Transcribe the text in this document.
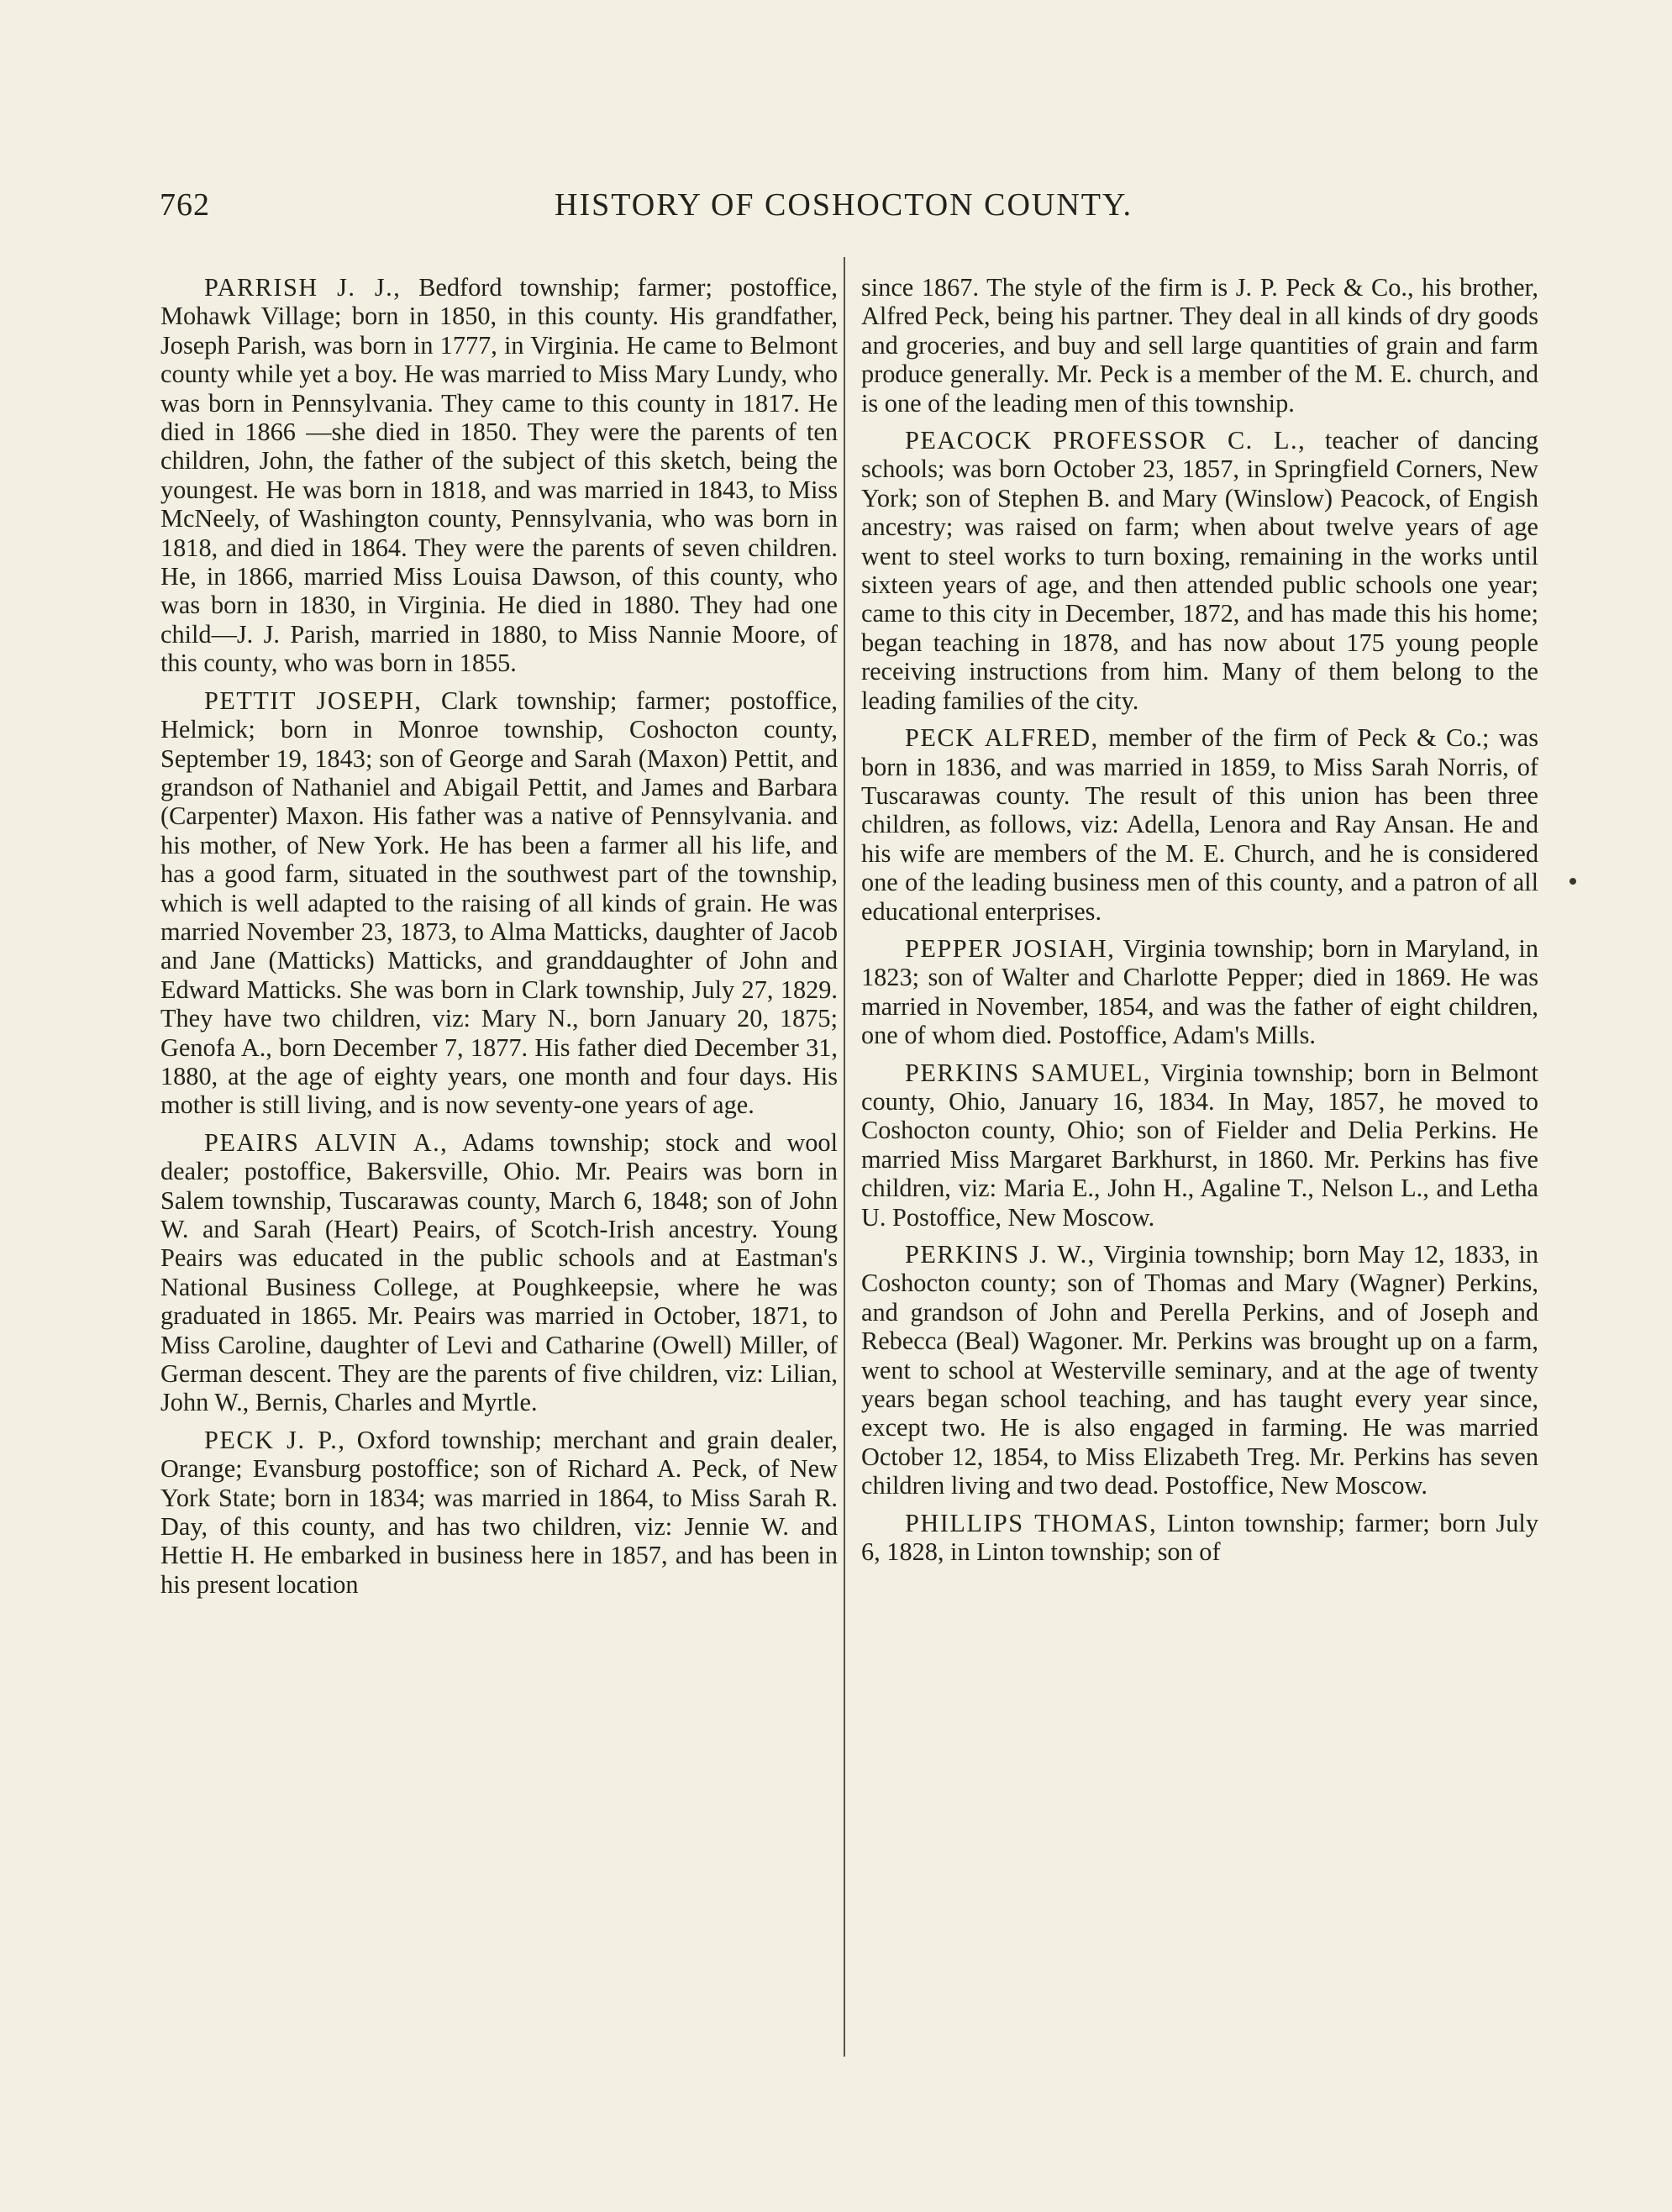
762	HISTORY OF COSHOCTON COUNTY.

PARRISH J. J., Bedford township; farmer; postoffice, Mohawk Village; born in 1850, in this county. His grandfather, Joseph Parish, was born in 1777, in Virginia. He came to Belmont county while yet a boy. He was married to Miss Mary Lundy, who was born in Pennsylvania. They came to this county in 1817. He died in 1866 —she died in 1850. They were the parents of ten children, John, the father of the subject of this sketch, being the youngest. He was born in 1818, and was married in 1843, to Miss McNeely, of Washington county, Pennsylvania, who was born in 1818, and died in 1864. They were the parents of seven children. He, in 1866, married Miss Louisa Dawson, of this county, who was born in 1830, in Virginia. He died in 1880. They had one child—J. J. Parish, married in 1880, to Miss Nannie Moore, of this county, who was born in 1855.

PETTIT JOSEPH, Clark township; farmer; postoffice, Helmick; born in Monroe township, Coshocton county, September 19, 1843; son of George and Sarah (Maxon) Pettit, and grandson of Nathaniel and Abigail Pettit, and James and Barbara (Carpenter) Maxon. His father was a native of Pennsylvania. and his mother, of New York. He has been a farmer all his life, and has a good farm, situated in the southwest part of the township, which is well adapted to the raising of all kinds of grain. He was married November 23, 1873, to Alma Matticks, daughter of Jacob and Jane (Matticks) Matticks, and granddaughter of John and Edward Matticks. She was born in Clark township, July 27, 1829. They have two children, viz: Mary N., born January 20, 1875; Genofa A., born December 7, 1877. His father died December 31, 1880, at the age of eighty years, one month and four days. His mother is still living, and is now seventy-one years of age.

PEAIRS ALVIN A., Adams township; stock and wool dealer; postoffice, Bakersville, Ohio. Mr. Peairs was born in Salem township, Tuscarawas county, March 6, 1848; son of John W. and Sarah (Heart) Peairs, of Scotch-Irish ancestry. Young Peairs was educated in the public schools and at Eastman's National Business College, at Poughkeepsie, where he was graduated in 1865. Mr. Peairs was married in October, 1871, to Miss Caroline, daughter of Levi and Catharine (Owell) Miller, of German descent. They are the parents of five children, viz: Lilian, John W., Bernis, Charles and Myrtle.

PECK J. P., Oxford township; merchant and grain dealer, Orange; Evansburg postoffice; son of Richard A. Peck, of New York State; born in 1834; was married in 1864, to Miss Sarah R. Day, of this county, and has two children, viz: Jennie W. and Hettie H. He embarked in business here in 1857, and has been in his present location

since 1867. The style of the firm is J. P. Peck & Co., his brother, Alfred Peck, being his partner. They deal in all kinds of dry goods and groceries, and buy and sell large quantities of grain and farm produce generally. Mr. Peck is a member of the M. E. church, and is one of the leading men of this township.

PEACOCK PROFESSOR C. L., teacher of dancing schools; was born October 23, 1857, in Springfield Corners, New York; son of Stephen B. and Mary (Winslow) Peacock, of Engish ancestry; was raised on farm; when about twelve years of age went to steel works to turn boxing, remaining in the works until sixteen years of age, and then attended public schools one year; came to this city in December, 1872, and has made this his home; began teaching in 1878, and has now about 175 young people receiving instructions from him. Many of them belong to the leading families of the city.

PECK ALFRED, member of the firm of Peck & Co.; was born in 1836, and was married in 1859, to Miss Sarah Norris, of Tuscarawas county. The result of this union has been three children, as follows, viz: Adella, Lenora and Ray Ansan. He and his wife are members of the M. E. Church, and he is considered one of the leading business men of this county, and a patron of all educational enterprises.

PEPPER JOSIAH, Virginia township; born in Maryland, in 1823; son of Walter and Charlotte Pepper; died in 1869. He was married in November, 1854, and was the father of eight children, one of whom died. Postoffice, Adam's Mills.

PERKINS SAMUEL, Virginia township; born in Belmont county, Ohio, January 16, 1834. In May, 1857, he moved to Coshocton county, Ohio; son of Fielder and Delia Perkins. He married Miss Margaret Barkhurst, in 1860. Mr. Perkins has five children, viz: Maria E., John H., Agaline T., Nelson L., and Letha U. Postoffice, New Moscow.

PERKINS J. W., Virginia township; born May 12, 1833, in Coshocton county; son of Thomas and Mary (Wagner) Perkins, and grandson of John and Perella Perkins, and of Joseph and Rebecca (Beal) Wagoner. Mr. Perkins was brought up on a farm, went to school at Westerville seminary, and at the age of twenty years began school teaching, and has taught every year since, except two. He is also engaged in farming. He was married October 12, 1854, to Miss Elizabeth Treg. Mr. Perkins has seven children living and two dead. Postoffice, New Moscow.

PHILLIPS THOMAS, Linton township; farmer; born July 6, 1828, in Linton township; son of
